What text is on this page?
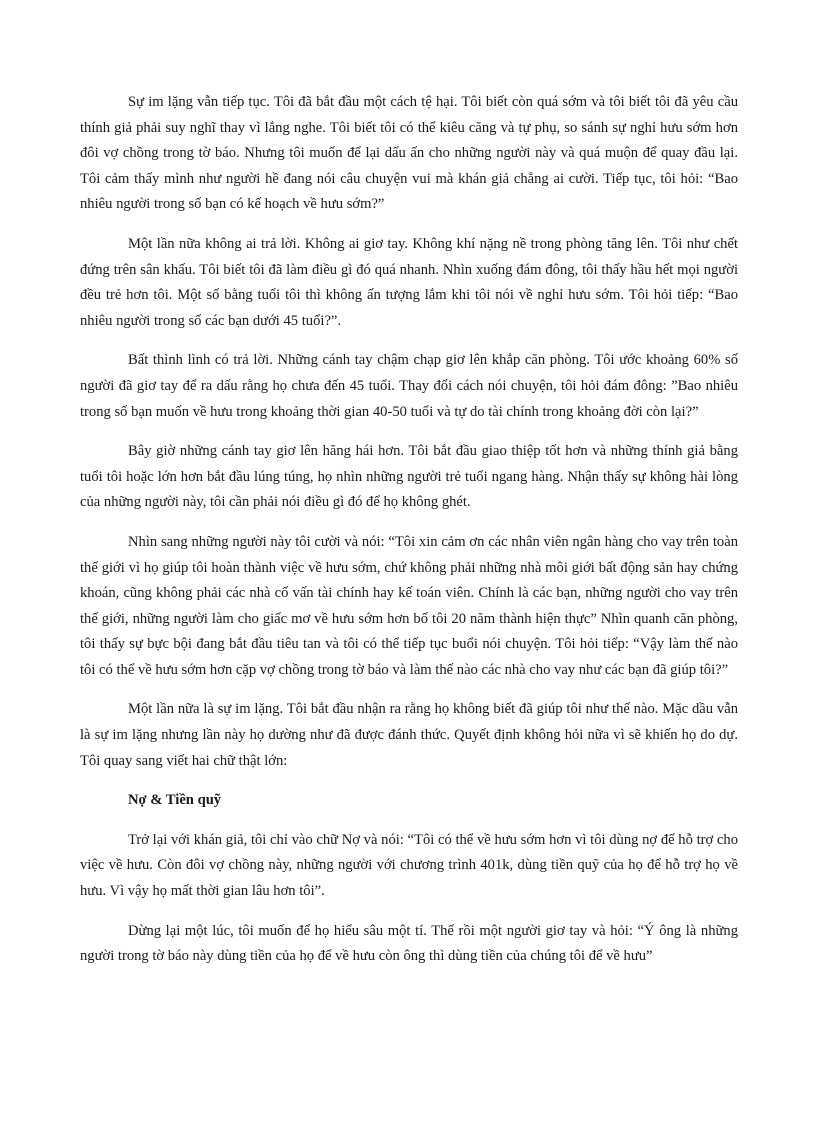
Sự im lặng vẫn tiếp tục. Tôi đã bắt đầu một cách tệ hại. Tôi biết còn quá sớm và tôi biết tôi đã yêu cầu thính giả phải suy nghĩ thay vì lắng nghe. Tôi biết tôi có thể kiêu căng và tự phụ, so sánh sự nghỉ hưu sớm hơn đôi vợ chồng trong tờ báo. Nhưng tôi muốn để lại dấu ấn cho những người này và quá muộn để quay đầu lại. Tôi cảm thấy mình như người hề đang nói câu chuyện vui mà khán giả chẳng ai cười. Tiếp tục, tôi hỏi: “Bao nhiêu người trong số bạn có kế hoạch về hưu sớm?”

Một lần nữa không ai trả lời. Không ai giơ tay. Không khí nặng nề trong phòng tăng lên. Tôi như chết đứng trên sân khấu. Tôi biết tôi đã làm điều gì đó quá nhanh. Nhìn xuống đám đông, tôi thấy hầu hết mọi người đều trẻ hơn tôi. Một số bằng tuổi tôi thì không ấn tượng lắm khi tôi nói về nghỉ hưu sớm. Tôi hỏi tiếp: “Bao nhiêu người trong số các bạn dưới 45 tuổi?”.

Bất thình lình có trả lời. Những cánh tay chậm chạp giơ lên khắp căn phòng. Tôi ước khoảng 60% số người đã giơ tay để ra dấu rằng họ chưa đến 45 tuổi. Thay đổi cách nói chuyện, tôi hỏi đám đông: ”Bao nhiêu trong số bạn muốn về hưu trong khoảng thời gian 40-50 tuổi và tự do tài chính trong khoảng đời còn lại?”

Bây giờ những cánh tay giơ lên hăng hái hơn. Tôi bắt đầu giao thiệp tốt hơn và những thính giả bằng tuổi tôi hoặc lớn hơn bắt đầu lúng túng, họ nhìn những người trẻ tuổi ngang hàng. Nhận thấy sự không hài lòng của những người này, tôi cần phải nói điều gì đó để họ không ghét.

Nhìn sang những người này tôi cười và nói: “Tôi xin cảm ơn các nhân viên ngân hàng cho vay trên toàn thế giới vì họ giúp tôi hoàn thành việc về hưu sớm, chứ không phải những nhà môi giới bất động sản hay chứng khoán, cũng không phải các nhà cố vấn tài chính hay kế toán viên. Chính là các bạn, những người cho vay trên thế giới, những người làm cho giấc mơ về hưu sớm hơn bố tôi 20 năm thành hiện thực” Nhìn quanh căn phòng, tôi thấy sự bực bội đang bắt đầu tiêu tan và tôi có thể tiếp tục buổi nói chuyện. Tôi hỏi tiếp: “Vậy làm thế nào tôi có thể về hưu sớm hơn cặp vợ chồng trong tờ báo và làm thế nào các nhà cho vay như các bạn đã giúp tôi?”

Một lần nữa là sự im lặng. Tôi bắt đầu nhận ra rằng họ không biết đã giúp tôi như thế nào. Mặc dầu vẫn là sự im lặng nhưng lần này họ dường như đã được đánh thức. Quyết định không hỏi nữa vì sẽ khiến họ do dự. Tôi quay sang viết hai chữ thật lớn:

Nợ & Tiền quỹ

Trở lại với khán giả, tôi chỉ vào chữ Nợ và nói: “Tôi có thể về hưu sớm hơn vì tôi dùng nợ để hỗ trợ cho việc về hưu. Còn đôi vợ chồng này, những người với chương trình 401k, dùng tiền quỹ của họ để hỗ trợ họ về hưu. Vì vậy họ mất thời gian lâu hơn tôi”.

Dừng lại một lúc, tôi muốn để họ hiểu sâu một tí. Thế rồi một người giơ tay và hỏi: “Ý ông là những người trong tờ báo này dùng tiền của họ để về hưu còn ông thì dùng tiền của chúng tôi để về hưu”
